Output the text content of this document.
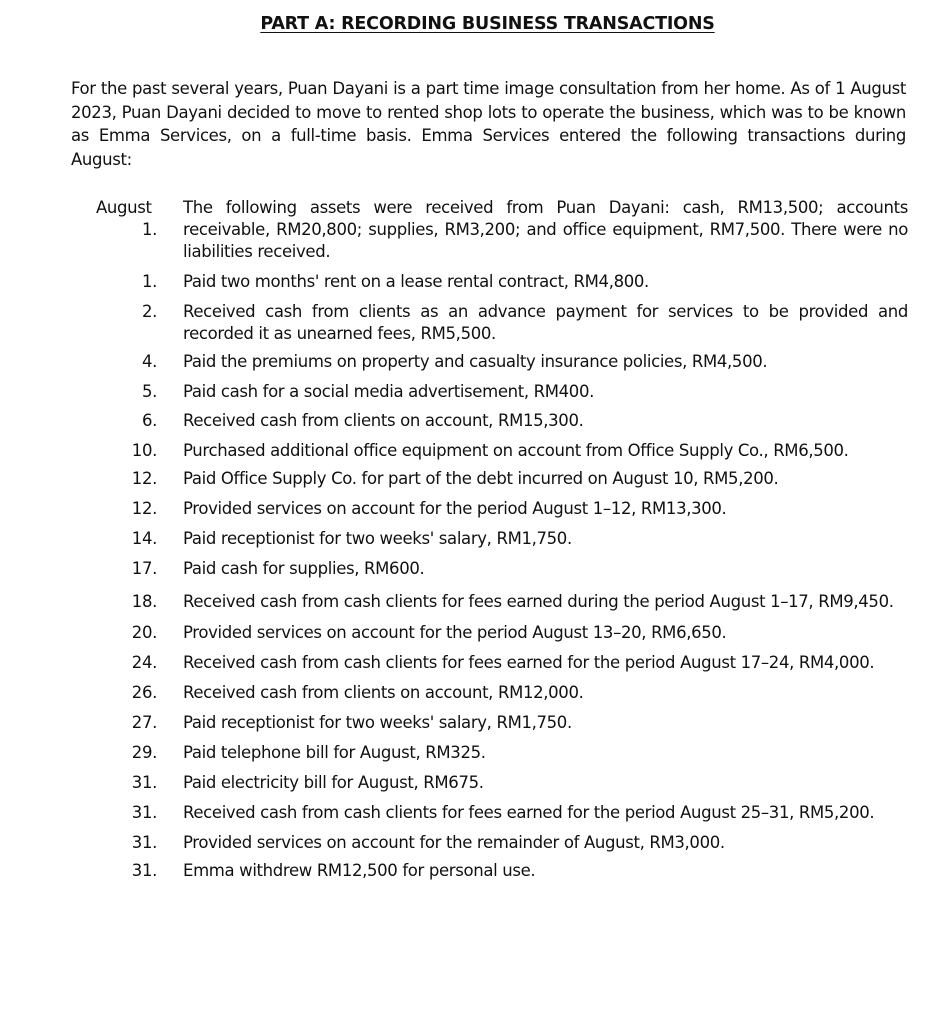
PART A: RECORDING BUSINESS TRANSACTIONS
For the past several years, Puan Dayani is a part time image consultation from her home. As of 1 August 2023, Puan Dayani decided to move to rented shop lots to operate the business, which was to be known as Emma Services, on a full-time basis. Emma Services entered the following transactions during August:
August
1.
The following assets were received from Puan Dayani: cash, RM13,500; accounts receivable, RM20,800; supplies, RM3,200; and office equipment, RM7,500. There were no liabilities received.
1. Paid two months' rent on a lease rental contract, RM4,800.
2. Received cash from clients as an advance payment for services to be provided and recorded it as unearned fees, RM5,500.
4. Paid the premiums on property and casualty insurance policies, RM4,500.
5. Paid cash for a social media advertisement, RM400.
6. Received cash from clients on account, RM15,300.
10. Purchased additional office equipment on account from Office Supply Co., RM6,500.
12. Paid Office Supply Co. for part of the debt incurred on August 10, RM5,200.
12. Provided services on account for the period August 1–12, RM13,300.
14. Paid receptionist for two weeks' salary, RM1,750.
17. Paid cash for supplies, RM600.
18. Received cash from cash clients for fees earned during the period August 1–17, RM9,450.
20. Provided services on account for the period August 13–20, RM6,650.
24. Received cash from cash clients for fees earned for the period August 17–24, RM4,000.
26. Received cash from clients on account, RM12,000.
27. Paid receptionist for two weeks' salary, RM1,750.
29. Paid telephone bill for August, RM325.
31. Paid electricity bill for August, RM675.
31. Received cash from cash clients for fees earned for the period August 25–31, RM5,200.
31. Provided services on account for the remainder of August, RM3,000.
31. Emma withdrew RM12,500 for personal use.
